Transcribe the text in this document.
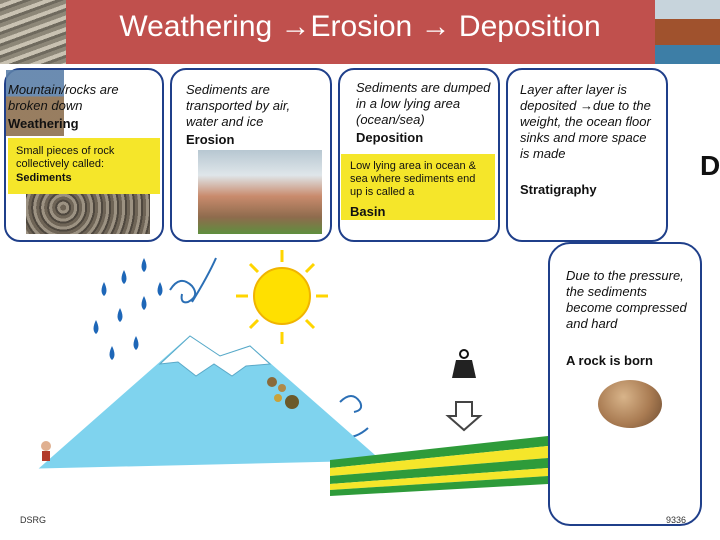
Weathering →Erosion → Deposition
Mountain/rocks are broken down
Weathering
Small pieces of rock collectively called:
Sediments
Sediments are transported by air, water and ice
Erosion
Sediments are dumped in a low lying area (ocean/sea)
Deposition
Low lying area in ocean & sea where sediments end up is called a
Basin
Layer after layer is deposited →due to the weight, the ocean floor sinks and more space is made
Stratigraphy
D
Due to the pressure, the sediments become compressed and hard
A rock is born
DSRG	9336
